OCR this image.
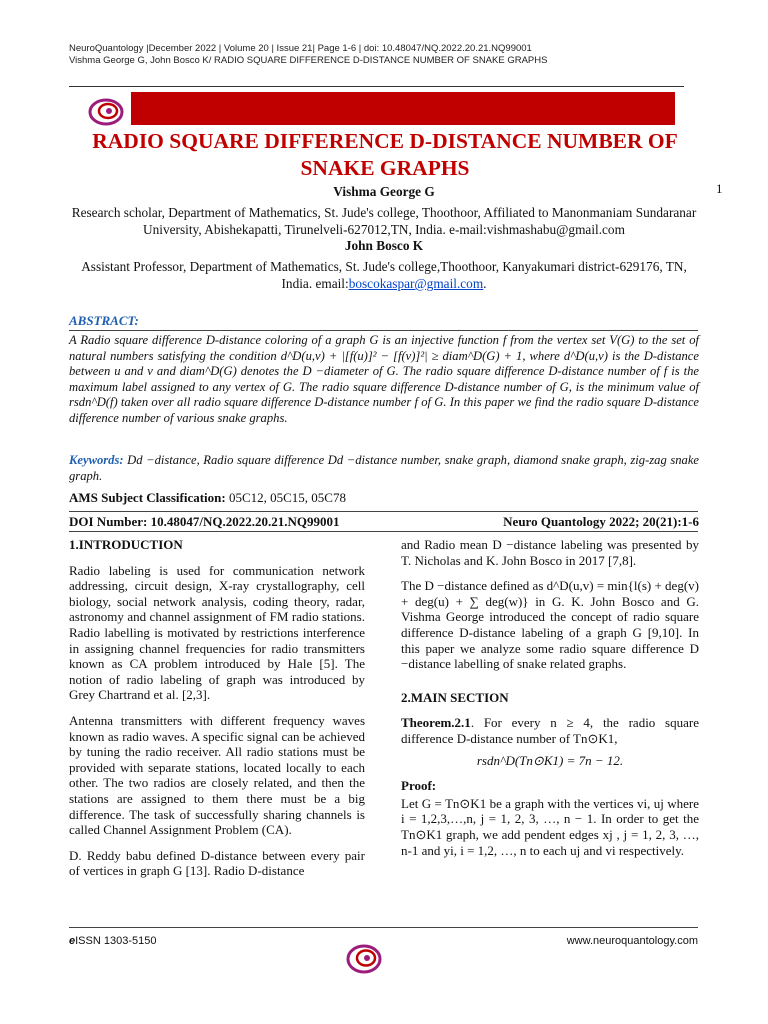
NeuroQuantology |December 2022 | Volume 20 | Issue 21| Page 1-6 | doi: 10.48047/NQ.2022.20.21.NQ99001
Vishma George G, John Bosco K/ RADIO SQUARE DIFFERENCE D-DISTANCE NUMBER OF SNAKE GRAPHS
RADIO SQUARE DIFFERENCE D-DISTANCE NUMBER OF SNAKE GRAPHS
1
Vishma George G
Research scholar, Department of Mathematics, St. Jude's college, Thoothoor, Affiliated to Manonmaniam Sundaranar University, Abishekapatti, Tirunelveli-627012,TN, India. e-mail:vishmashabu@gmail.com
John Bosco K
Assistant Professor, Department of Mathematics, St. Jude's college,Thoothoor, Kanyakumari district-629176, TN, India. email:boscokaspar@gmail.com.
ABSTRACT:
A Radio square difference D-distance coloring of a graph G is an injective function f from the vertex set V(G) to the set of natural numbers satisfying the condition d^D(u,v) + |[f(u)]² − [f(v)]²| ≥ diam^D(G) + 1, where d^D(u,v) is the D-distance between u and v and diam^D(G) denotes the D −diameter of G. The radio square difference D-distance number of f is the maximum label assigned to any vertex of G. The radio square difference D-distance number of G, is the minimum value of rsdn^D(f) taken over all radio square difference D-distance number f of G. In this paper we find the radio square D-distance difference number of various snake graphs.
Keywords: Dd −distance, Radio square difference Dd −distance number, snake graph, diamond snake graph, zig-zag snake graph.
AMS Subject Classification: 05C12, 05C15, 05C78
DOI Number: 10.48047/NQ.2022.20.21.NQ99001	Neuro Quantology 2022; 20(21):1-6
1.INTRODUCTION

Radio labeling is used for communication network addressing, circuit design, X-ray crystallography, cell biology, social network analysis, coding theory, radar, astronomy and channel assignment of FM radio stations. Radio labelling is motivated by restrictions interference in assigning channel frequencies for radio transmitters known as CA problem introduced by Hale [5]. The notion of radio labeling of graph was introduced by Grey Chartrand et al. [2,3].

Antenna transmitters with different frequency waves known as radio waves. A specific signal can be achieved by tuning the radio receiver. All radio stations must be provided with separate stations, located locally to each other. The two radios are closely related, and then the stations are assigned to them there must be a big difference. The task of successfully sharing channels is called Channel Assignment Problem (CA).

D. Reddy babu defined D-distance between every pair of vertices in graph G [13]. Radio D-distance

and Radio mean D −distance labeling was presented by T. Nicholas and K. John Bosco in 2017 [7,8].

The D −distance defined as d^D(u,v) = min{l(s) + deg(v) + deg(u) + ∑ deg(w)} in G. K. John Bosco and G. Vishma George introduced the concept of radio square difference D-distance labeling of a graph G [9,10]. In this paper we analyze some radio square difference D −distance labelling of snake related graphs.

2.MAIN SECTION

Theorem.2.1. For every n ≥ 4, the radio square difference D-distance number of Tn⊙K1,

rsdn^D(Tn⊙K1) = 7n − 12.

Proof:

Let G = Tn⊙K1 be a graph with the vertices vi, uj where i = 1,2,3,…,n, j = 1, 2, 3, …, n − 1. In order to get the Tn⊙K1 graph, we add pendent edges xj , j = 1, 2, 3, …, n-1 and yi, i = 1,2, …, n to each uj and vi respectively.

eISSN 1303-5150	www.neuroquantology.com
